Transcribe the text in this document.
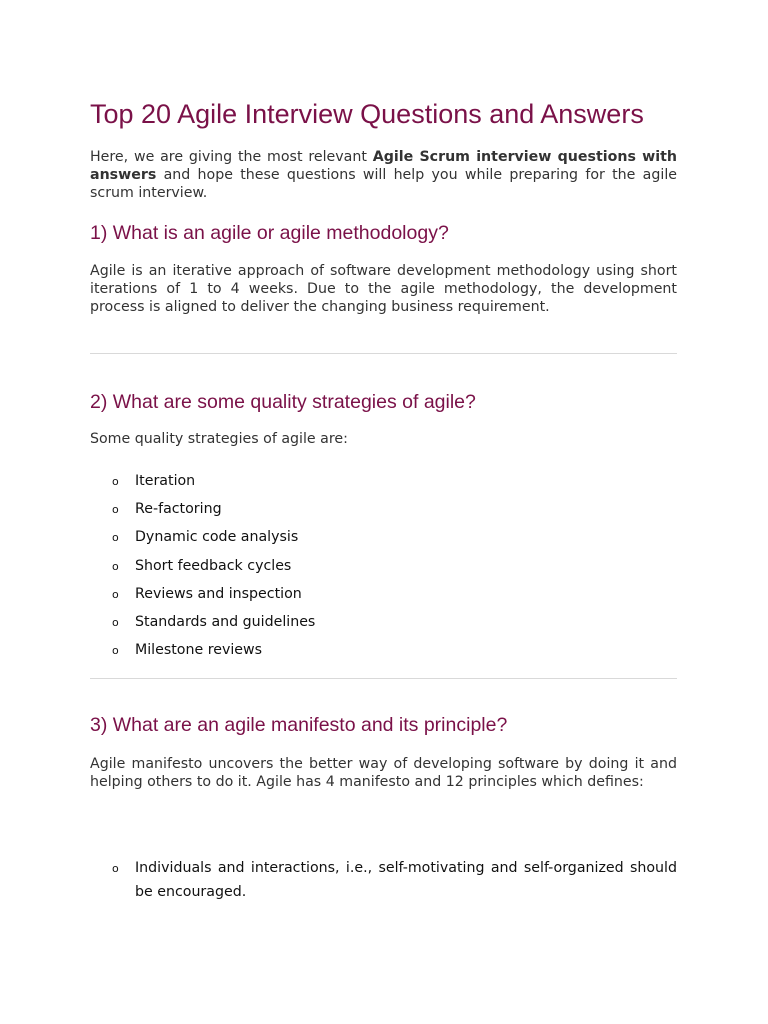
Top 20 Agile Interview Questions and Answers

Here, we are giving the most relevant Agile Scrum interview questions with answers and hope these questions will help you while preparing for the agile scrum interview.

1) What is an agile or agile methodology?

Agile is an iterative approach of software development methodology using short iterations of 1 to 4 weeks. Due to the agile methodology, the development process is aligned to deliver the changing business requirement.

2) What are some quality strategies of agile?

Some quality strategies of agile are:

o Iteration
o Re-factoring
o Dynamic code analysis
o Short feedback cycles
o Reviews and inspection
o Standards and guidelines
o Milestone reviews
3) What are an agile manifesto and its principle?

Agile manifesto uncovers the better way of developing software by doing it and helping others to do it. Agile has 4 manifesto and 12 principles which defines:

o Individuals and interactions, i.e., self-motivating and self-organized should be encouraged.
